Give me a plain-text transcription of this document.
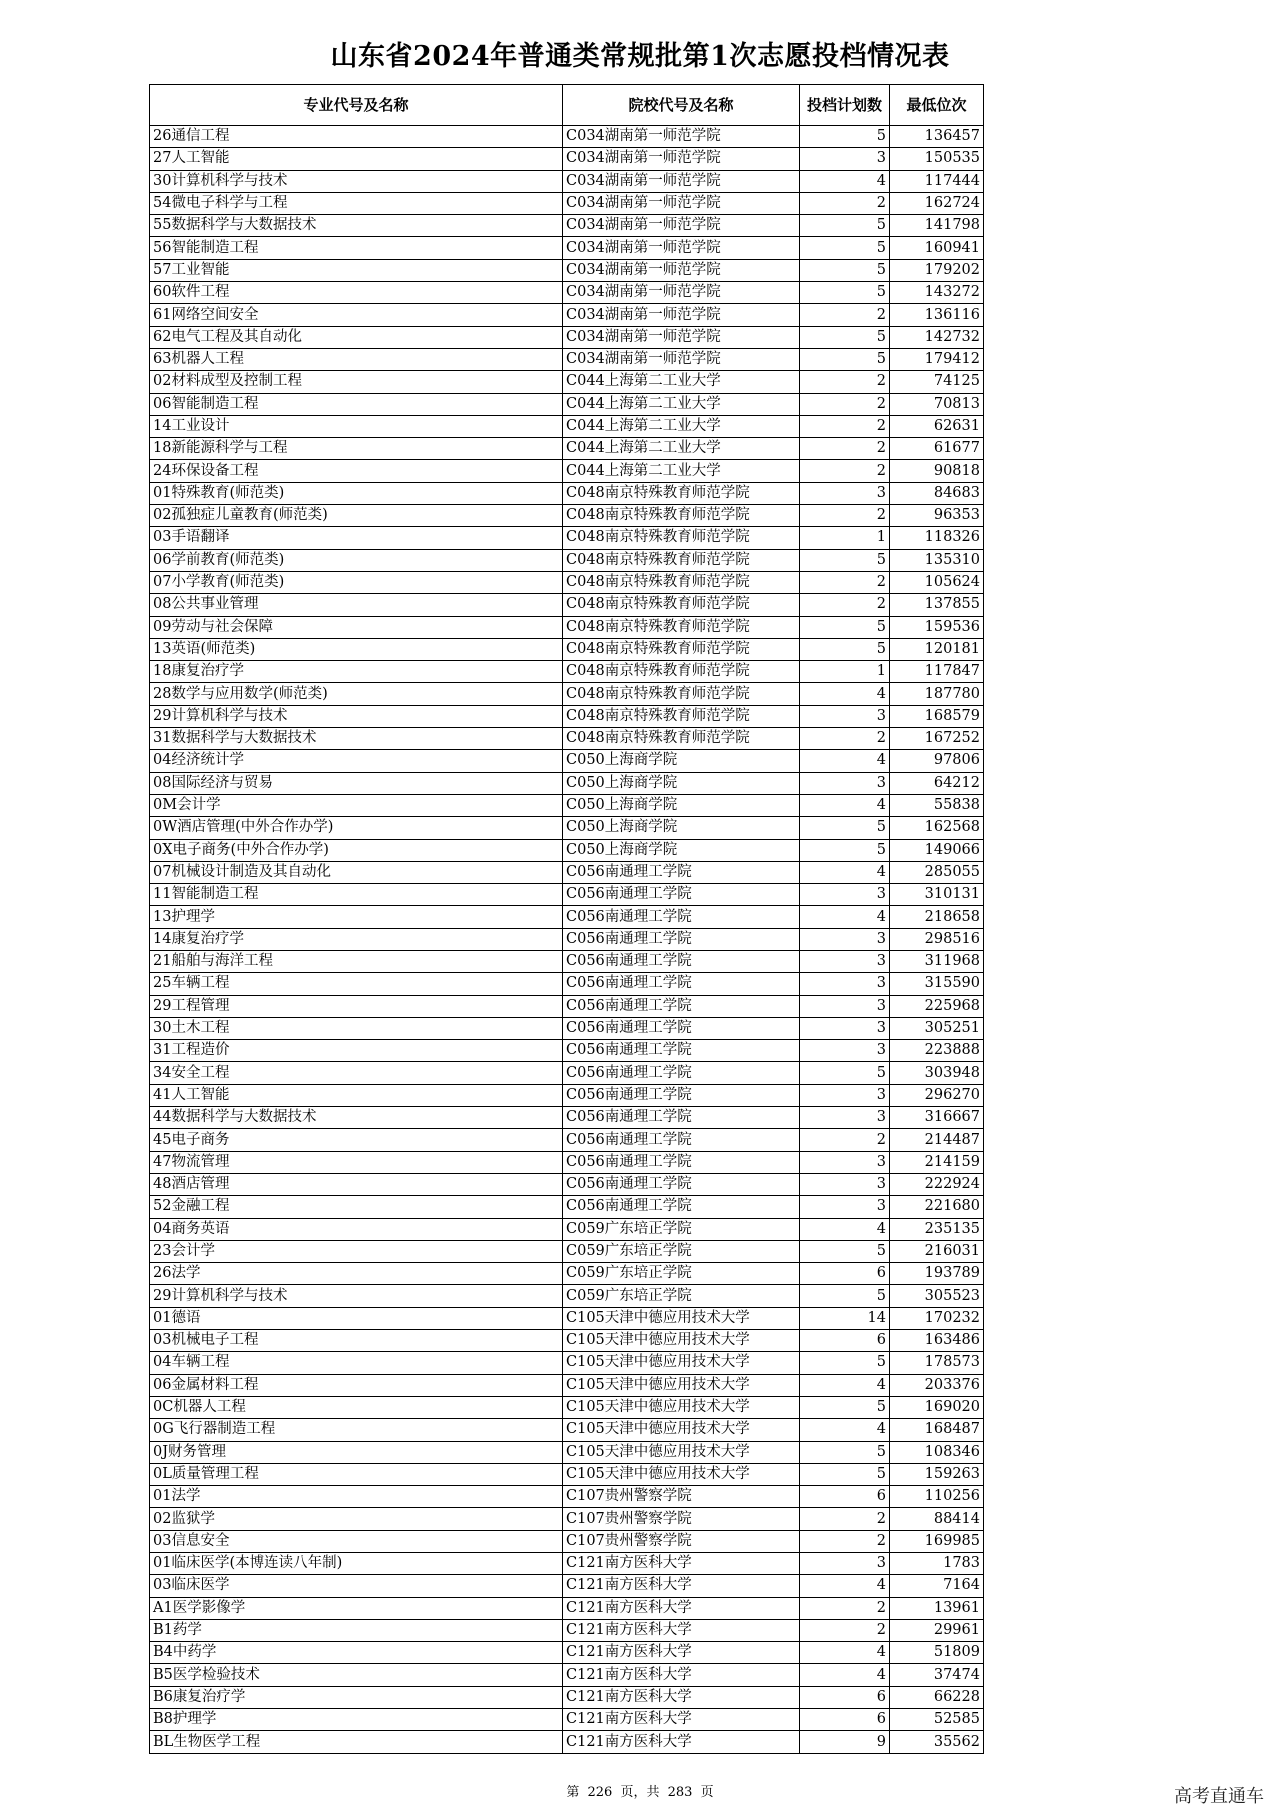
山东省2024年普通类常规批第1次志愿投档情况表
专业代号及名称	院校代号及名称	投档计划数	最低位次
26通信工程	C034湖南第一师范学院	5	136457
27人工智能	C034湖南第一师范学院	3	150535
30计算机科学与技术	C034湖南第一师范学院	4	117444
54微电子科学与工程	C034湖南第一师范学院	2	162724
55数据科学与大数据技术	C034湖南第一师范学院	5	141798
56智能制造工程	C034湖南第一师范学院	5	160941
57工业智能	C034湖南第一师范学院	5	179202
60软件工程	C034湖南第一师范学院	5	143272
61网络空间安全	C034湖南第一师范学院	2	136116
62电气工程及其自动化	C034湖南第一师范学院	5	142732
63机器人工程	C034湖南第一师范学院	5	179412
02材料成型及控制工程	C044上海第二工业大学	2	74125
06智能制造工程	C044上海第二工业大学	2	70813
14工业设计	C044上海第二工业大学	2	62631
18新能源科学与工程	C044上海第二工业大学	2	61677
24环保设备工程	C044上海第二工业大学	2	90818
01特殊教育(师范类)	C048南京特殊教育师范学院	3	84683
02孤独症儿童教育(师范类)	C048南京特殊教育师范学院	2	96353
03手语翻译	C048南京特殊教育师范学院	1	118326
06学前教育(师范类)	C048南京特殊教育师范学院	5	135310
07小学教育(师范类)	C048南京特殊教育师范学院	2	105624
08公共事业管理	C048南京特殊教育师范学院	2	137855
09劳动与社会保障	C048南京特殊教育师范学院	5	159536
13英语(师范类)	C048南京特殊教育师范学院	5	120181
18康复治疗学	C048南京特殊教育师范学院	1	117847
28数学与应用数学(师范类)	C048南京特殊教育师范学院	4	187780
29计算机科学与技术	C048南京特殊教育师范学院	3	168579
31数据科学与大数据技术	C048南京特殊教育师范学院	2	167252
04经济统计学	C050上海商学院	4	97806
08国际经济与贸易	C050上海商学院	3	64212
0M会计学	C050上海商学院	4	55838
0W酒店管理(中外合作办学)	C050上海商学院	5	162568
0X电子商务(中外合作办学)	C050上海商学院	5	149066
07机械设计制造及其自动化	C056南通理工学院	4	285055
11智能制造工程	C056南通理工学院	3	310131
13护理学	C056南通理工学院	4	218658
14康复治疗学	C056南通理工学院	3	298516
21船舶与海洋工程	C056南通理工学院	3	311968
25车辆工程	C056南通理工学院	3	315590
29工程管理	C056南通理工学院	3	225968
30土木工程	C056南通理工学院	3	305251
31工程造价	C056南通理工学院	3	223888
34安全工程	C056南通理工学院	5	303948
41人工智能	C056南通理工学院	3	296270
44数据科学与大数据技术	C056南通理工学院	3	316667
45电子商务	C056南通理工学院	2	214487
47物流管理	C056南通理工学院	3	214159
48酒店管理	C056南通理工学院	3	222924
52金融工程	C056南通理工学院	3	221680
04商务英语	C059广东培正学院	4	235135
23会计学	C059广东培正学院	5	216031
26法学	C059广东培正学院	6	193789
29计算机科学与技术	C059广东培正学院	5	305523
01德语	C105天津中德应用技术大学	14	170232
03机械电子工程	C105天津中德应用技术大学	6	163486
04车辆工程	C105天津中德应用技术大学	5	178573
06金属材料工程	C105天津中德应用技术大学	4	203376
0C机器人工程	C105天津中德应用技术大学	5	169020
0G飞行器制造工程	C105天津中德应用技术大学	4	168487
0J财务管理	C105天津中德应用技术大学	5	108346
0L质量管理工程	C105天津中德应用技术大学	5	159263
01法学	C107贵州警察学院	6	110256
02监狱学	C107贵州警察学院	2	88414
03信息安全	C107贵州警察学院	2	169985
01临床医学(本博连读八年制)	C121南方医科大学	3	1783
03临床医学	C121南方医科大学	4	7164
A1医学影像学	C121南方医科大学	2	13961
B1药学	C121南方医科大学	2	29961
B4中药学	C121南方医科大学	4	51809
B5医学检验技术	C121南方医科大学	4	37474
B6康复治疗学	C121南方医科大学	6	66228
B8护理学	C121南方医科大学	6	52585
BL生物医学工程	C121南方医科大学	9	35562
第 226 页，共 283 页	高考直通车
